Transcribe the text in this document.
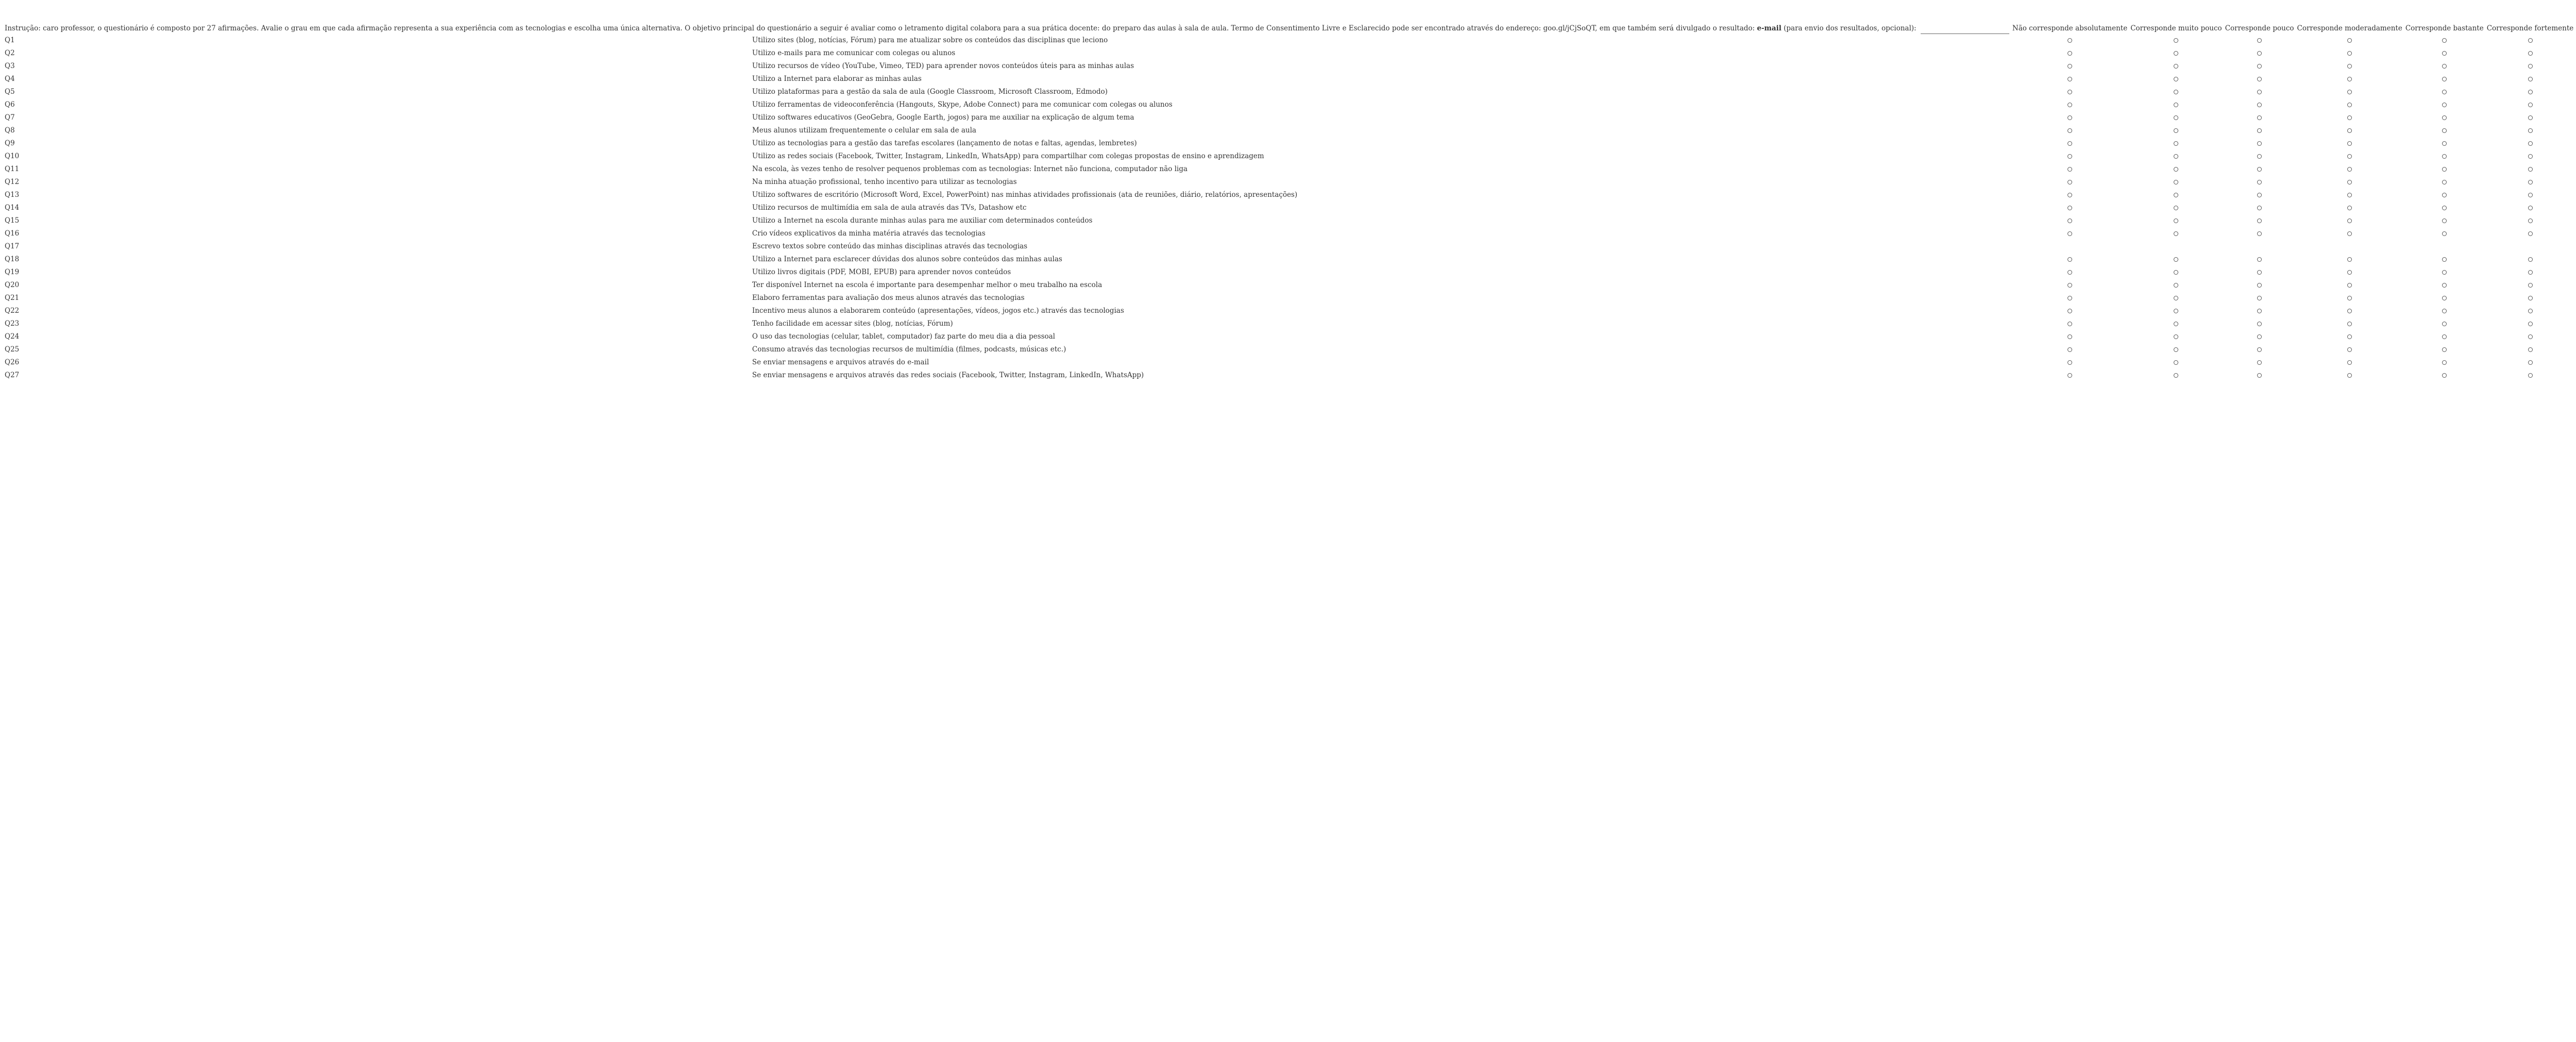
Instrução: caro professor, o questionário é composto por 27 afirmações. Avalie o grau em que cada afirmação representa a sua experiência com as tecnologias e escolha uma única alternativa. O objetivo principal do questionário a seguir é avaliar como o letramento digital colabora para a sua prática docente: do preparo das aulas à sala de aula. Termo de Consentimento Livre e Esclarecido pode ser encontrado através do endereço: goo.gl/jCjSoQT, em que também será divulgado o resultado: e-mail (para envio dos resultados, opcional):		Não corresponde absolutamente	Corresponde muito pouco	Corresponde pouco	Corresponde moderadamente	Corresponde bastante	Corresponde fortemente	
Q1	Utilizo sites (blog, notícias, Fórum) para me atualizar sobre os conteúdos das disciplinas que leciono							
Q2	Utilizo e-mails para me comunicar com colegas ou alunos							
Q3	Utilizo recursos de vídeo (YouTube, Vimeo, TED) para aprender novos conteúdos úteis para as minhas aulas							
Q4	Utilizo a Internet para elaborar as minhas aulas							
Q5	Utilizo plataformas para a gestão da sala de aula (Google Classroom, Microsoft Classroom, Edmodo)							
Q6	Utilizo ferramentas de videoconferência (Hangouts, Skype, Adobe Connect) para me comunicar com colegas ou alunos							
Q7	Utilizo softwares educativos (GeoGebra, Google Earth, jogos) para me auxiliar na explicação de algum tema							
Q8	Meus alunos utilizam frequentemente o celular em sala de aula							
Q9	Utilizo as tecnologias para a gestão das tarefas escolares (lançamento de notas e faltas, agendas, lembretes)							
Q10	Utilizo as redes sociais (Facebook, Twitter, Instagram, LinkedIn, WhatsApp) para compartilhar com colegas propostas de ensino e aprendizagem							
Q11	Na escola, às vezes tenho de resolver pequenos problemas com as tecnologias: Internet não funciona, computador não liga							
Q12	Na minha atuação profissional, tenho incentivo para utilizar as tecnologias							
Q13	Utilizo softwares de escritório (Microsoft Word, Excel, PowerPoint) nas minhas atividades profissionais (ata de reuniões, diário, relatórios, apresentações)							
Q14	Utilizo recursos de multimídia em sala de aula através das TVs, Datashow etc							
Q15	Utilizo a Internet na escola durante minhas aulas para me auxiliar com determinados conteúdos							
Q16	Crio vídeos explicativos da minha matéria através das tecnologias							
Q17	Escrevo textos sobre conteúdo das minhas disciplinas através das tecnologias							
Q18	Utilizo a Internet para esclarecer dúvidas dos alunos sobre conteúdos das minhas aulas							
Q19	Utilizo livros digitais (PDF, MOBI, EPUB) para aprender novos conteúdos							
Q20	Ter disponível Internet na escola é importante para desempenhar melhor o meu trabalho na escola							
Q21	Elaboro ferramentas para avaliação dos meus alunos através das tecnologias							
Q22	Incentivo meus alunos a elaborarem conteúdo (apresentações, vídeos, jogos etc.) através das tecnologias							
Q23	Tenho facilidade em acessar sites (blog, notícias, Fórum)							
Q24	O uso das tecnologias (celular, tablet, computador) faz parte do meu dia a dia pessoal							
Q25	Consumo através das tecnologias recursos de multimídia (filmes, podcasts, músicas etc.)							
Q26	Se enviar mensagens e arquivos através do e-mail							
Q27	Se enviar mensagens e arquivos através das redes sociais (Facebook, Twitter, Instagram, LinkedIn, WhatsApp)							
